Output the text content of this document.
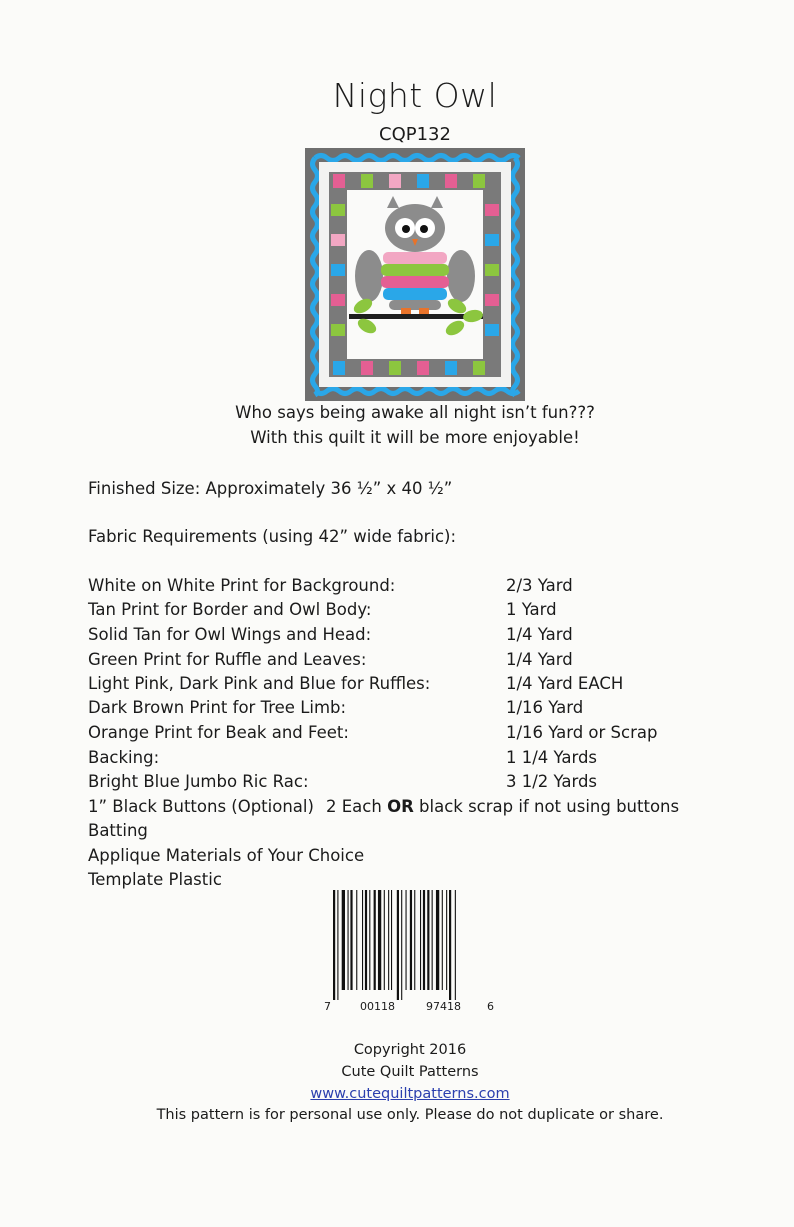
Night Owl
CQP132
Who says being awake all night isn’t fun???
With this quilt it will be more enjoyable!
Finished Size: Approximately 36 ½” x 40 ½”
Fabric Requirements (using 42” wide fabric):
White on White Print for Background:	2/3 Yard
Tan Print for Border and Owl Body:	1 Yard
Solid Tan for Owl Wings and Head:	1/4 Yard
Green Print for Ruffle and Leaves:	1/4 Yard
Light Pink, Dark Pink and Blue for Ruffles:	1/4 Yard EACH
Dark Brown Print for Tree Limb:	1/16 Yard
Orange Print for Beak and Feet:	1/16 Yard or Scrap
Backing:	1 1/4 Yards
Bright Blue Jumbo Ric Rac:	3 1/2 Yards
1” Black Buttons (Optional) 2 Each OR black scrap if not using buttons
Batting
Applique Materials of Your Choice
Template Plastic
7	00118	97418 6
Copyright 2016
Cute Quilt Patterns
www.cutequiltpatterns.com
This pattern is for personal use only. Please do not duplicate or share.
